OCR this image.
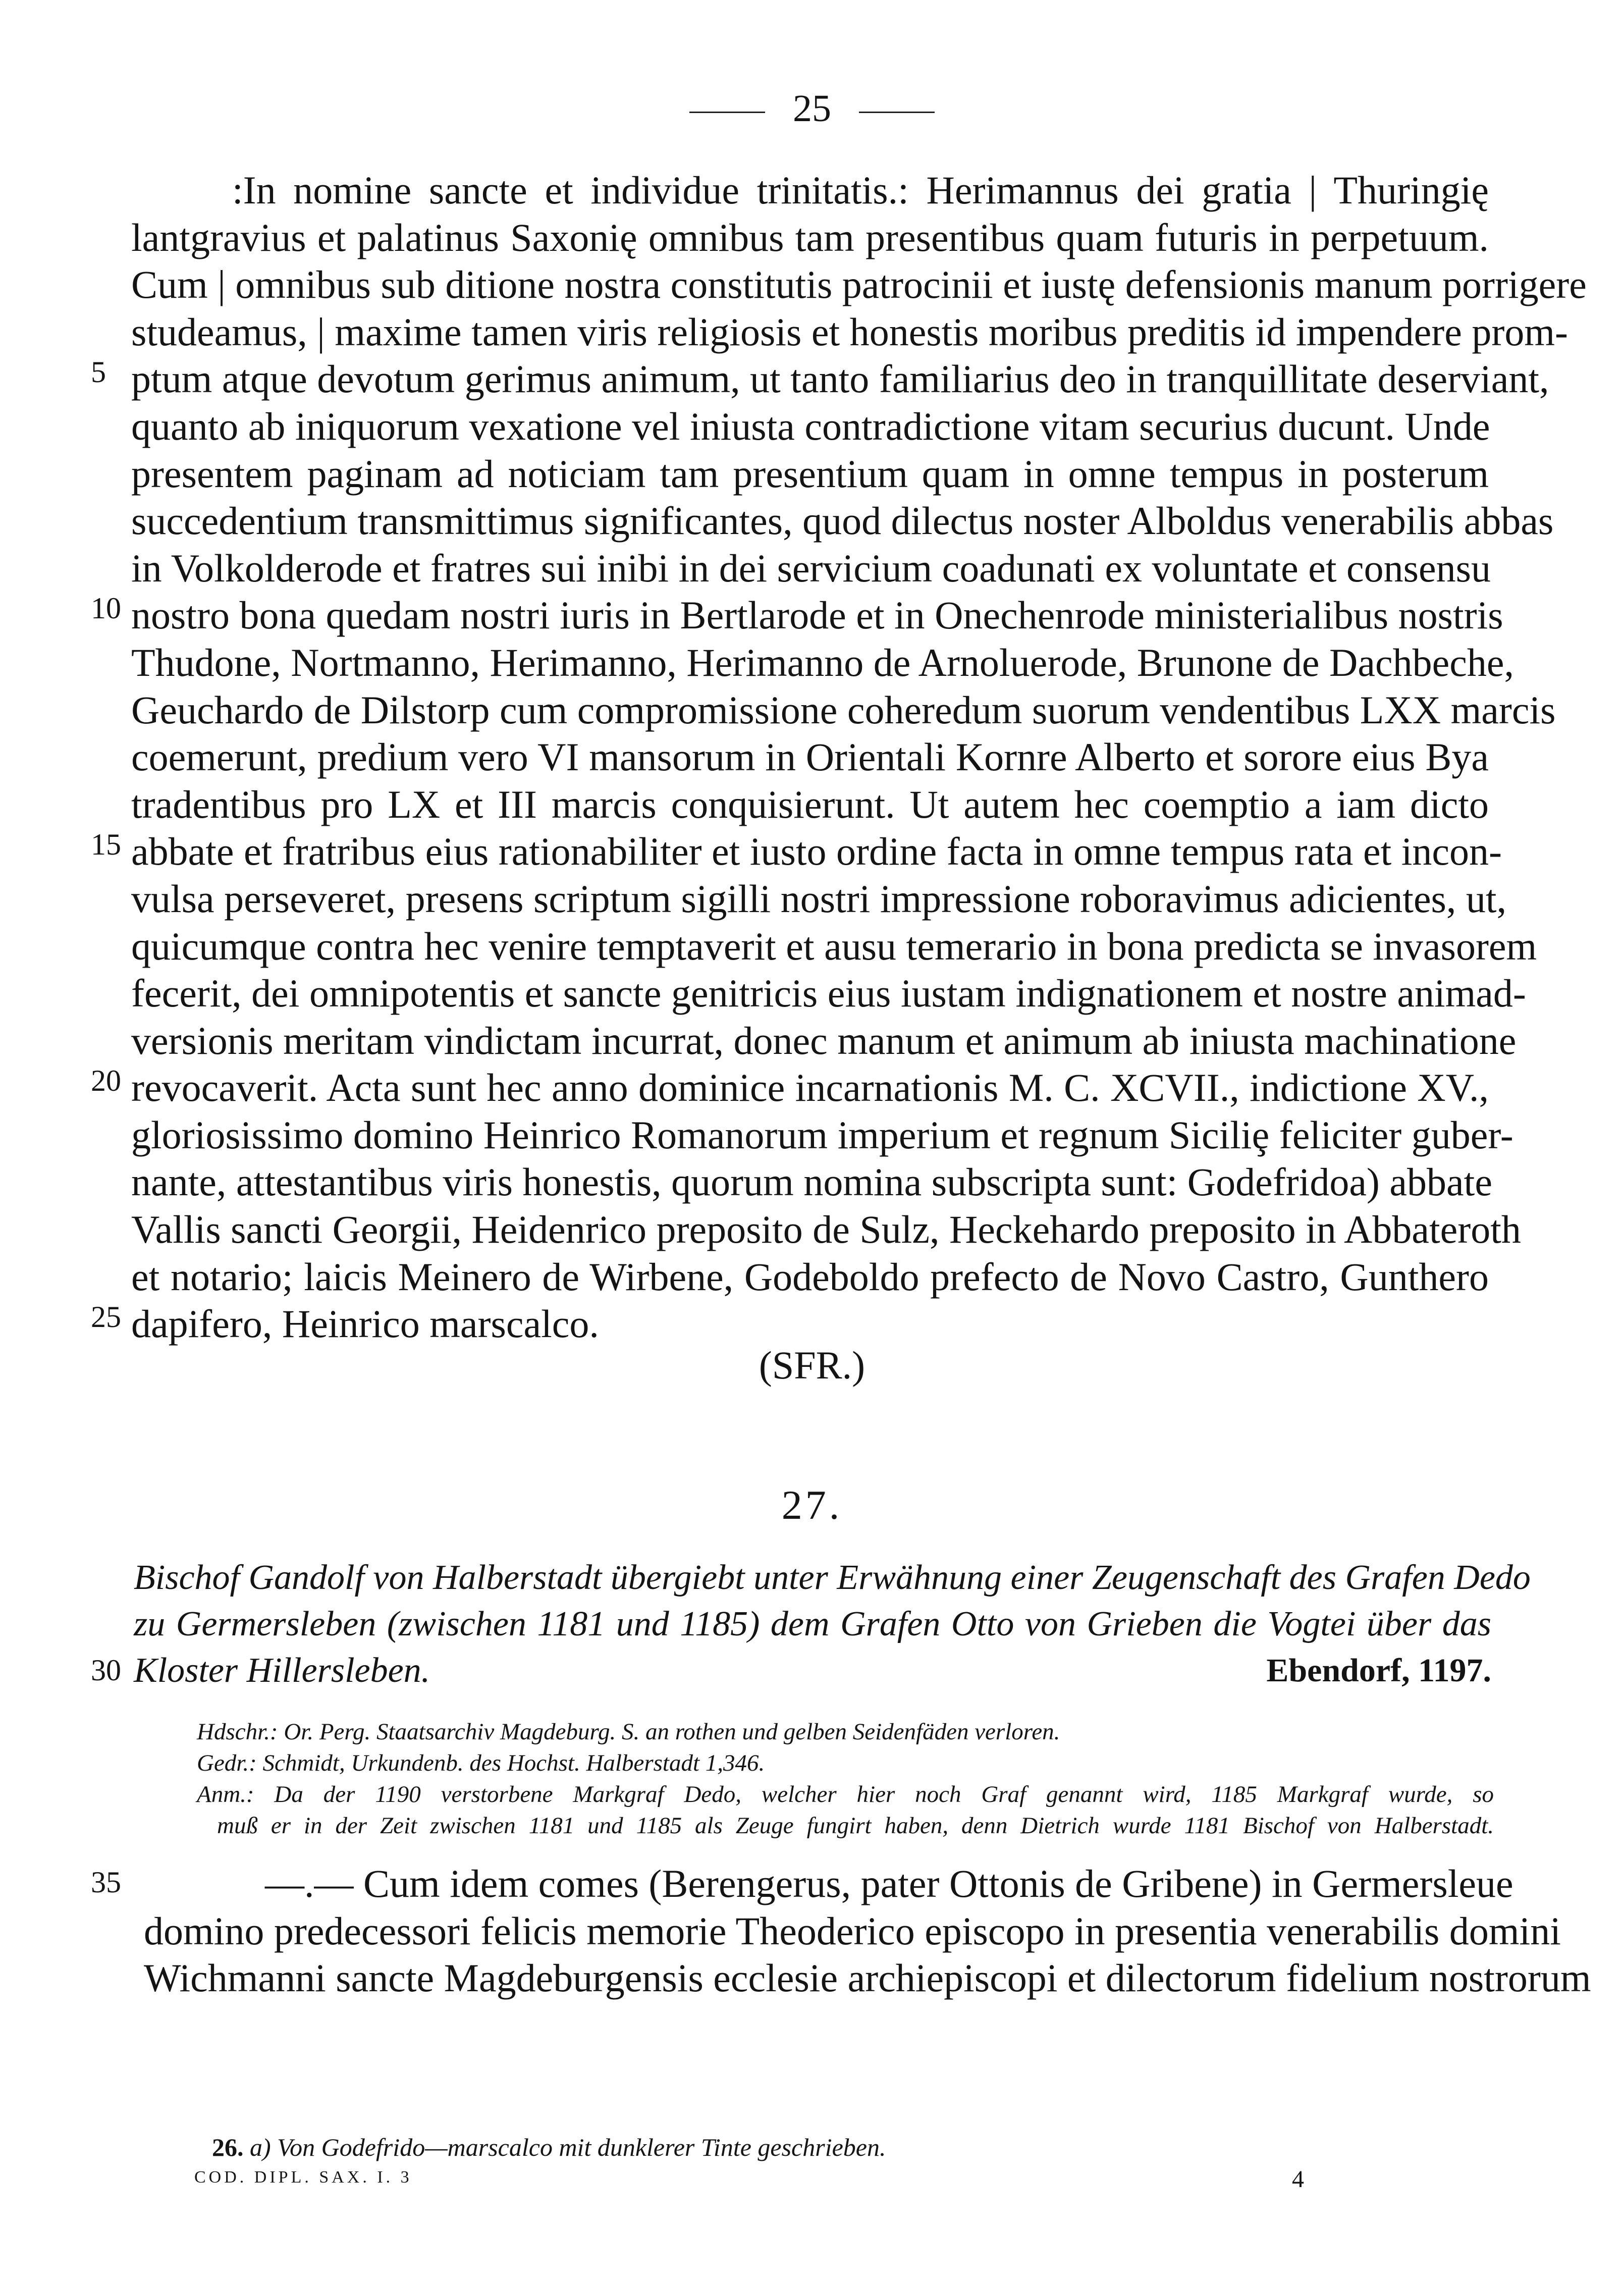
25
:In nomine sancte et individue trinitatis.: Herimannus dei gratia | Thuringię
lantgravius et palatinus Saxonię omnibus tam presentibus quam futuris in perpetuum.
Cum | omnibus sub ditione nostra constitutis patrocinii et iustę defensionis manum porrigere
studeamus, | maxime tamen viris religiosis et honestis moribus preditis id impendere prom-
ptum atque devotum gerimus animum, ut tanto familiarius deo in tranquillitate deserviant,
quanto ab iniquorum vexatione vel iniusta contradictione vitam securius ducunt. Unde
presentem paginam ad noticiam tam presentium quam in omne tempus in posterum
succedentium transmittimus significantes, quod dilectus noster Alboldus venerabilis abbas
in Volkolderode et fratres sui inibi in dei servicium coadunati ex voluntate et consensu
nostro bona quedam nostri iuris in Bertlarode et in Onechenrode ministerialibus nostris
Thudone, Nortmanno, Herimanno, Herimanno de Arnoluerode, Brunone de Dachbeche,
Geuchardo de Dilstorp cum compromissione coheredum suorum vendentibus LXX marcis
coemerunt, predium vero VI mansorum in Orientali Kornre Alberto et sorore eius Bya
tradentibus pro LX et III marcis conquisierunt. Ut autem hec coemptio a iam dicto
abbate et fratribus eius rationabiliter et iusto ordine facta in omne tempus rata et incon-
vulsa perseveret, presens scriptum sigilli nostri impressione roboravimus adicientes, ut,
quicumque contra hec venire temptaverit et ausu temerario in bona predicta se invasorem
fecerit, dei omnipotentis et sancte genitricis eius iustam indignationem et nostre animad-
versionis meritam vindictam incurrat, donec manum et animum ab iniusta machinatione
revocaverit. Acta sunt hec anno dominice incarnationis M. C. XCVII., indictione XV.,
gloriosissimo domino Heinrico Romanorum imperium et regnum Siciliȩ feliciter guber-
nante, attestantibus viris honestis, quorum nomina subscripta sunt: Godefridoa) abbate
Vallis sancti Georgii, Heidenrico preposito de Sulz, Heckehardo preposito in Abbateroth
et notario; laicis Meinero de Wirbene, Godeboldo prefecto de Novo Castro, Gunthero
dapifero, Heinrico marscalco.
5
10
15
20
25
(SFR.)
27.
Bischof Gandolf von Halberstadt übergiebt unter Erwähnung einer Zeugenschaft des Grafen Dedo
zu Germersleben (zwischen 1181 und 1185) dem Grafen Otto von Grieben die Vogtei über das
Kloster Hillersleben.	Ebendorf, 1197.
30
Hdschr.: Or. Perg. Staatsarchiv Magdeburg. S. an rothen und gelben Seidenfäden verloren.
Gedr.: Schmidt, Urkundenb. des Hochst. Halberstadt 1,346.
Anm.: Da der 1190 verstorbene Markgraf Dedo, welcher hier noch Graf genannt wird, 1185 Markgraf wurde, so
muß er in der Zeit zwischen 1181 und 1185 als Zeuge fungirt haben, denn Dietrich wurde 1181 Bischof von Halberstadt.
—.— Cum idem comes (Berengerus, pater Ottonis de Gribene) in Germersleue
domino predecessori felicis memorie Theoderico episcopo in presentia venerabilis domini
Wichmanni sancte Magdeburgensis ecclesie archiepiscopi et dilectorum fidelium nostrorum
35
26. a) Von Godefrido—marscalco mit dunklerer Tinte geschrieben.
COD. DIPL. SAX. I. 3	4
